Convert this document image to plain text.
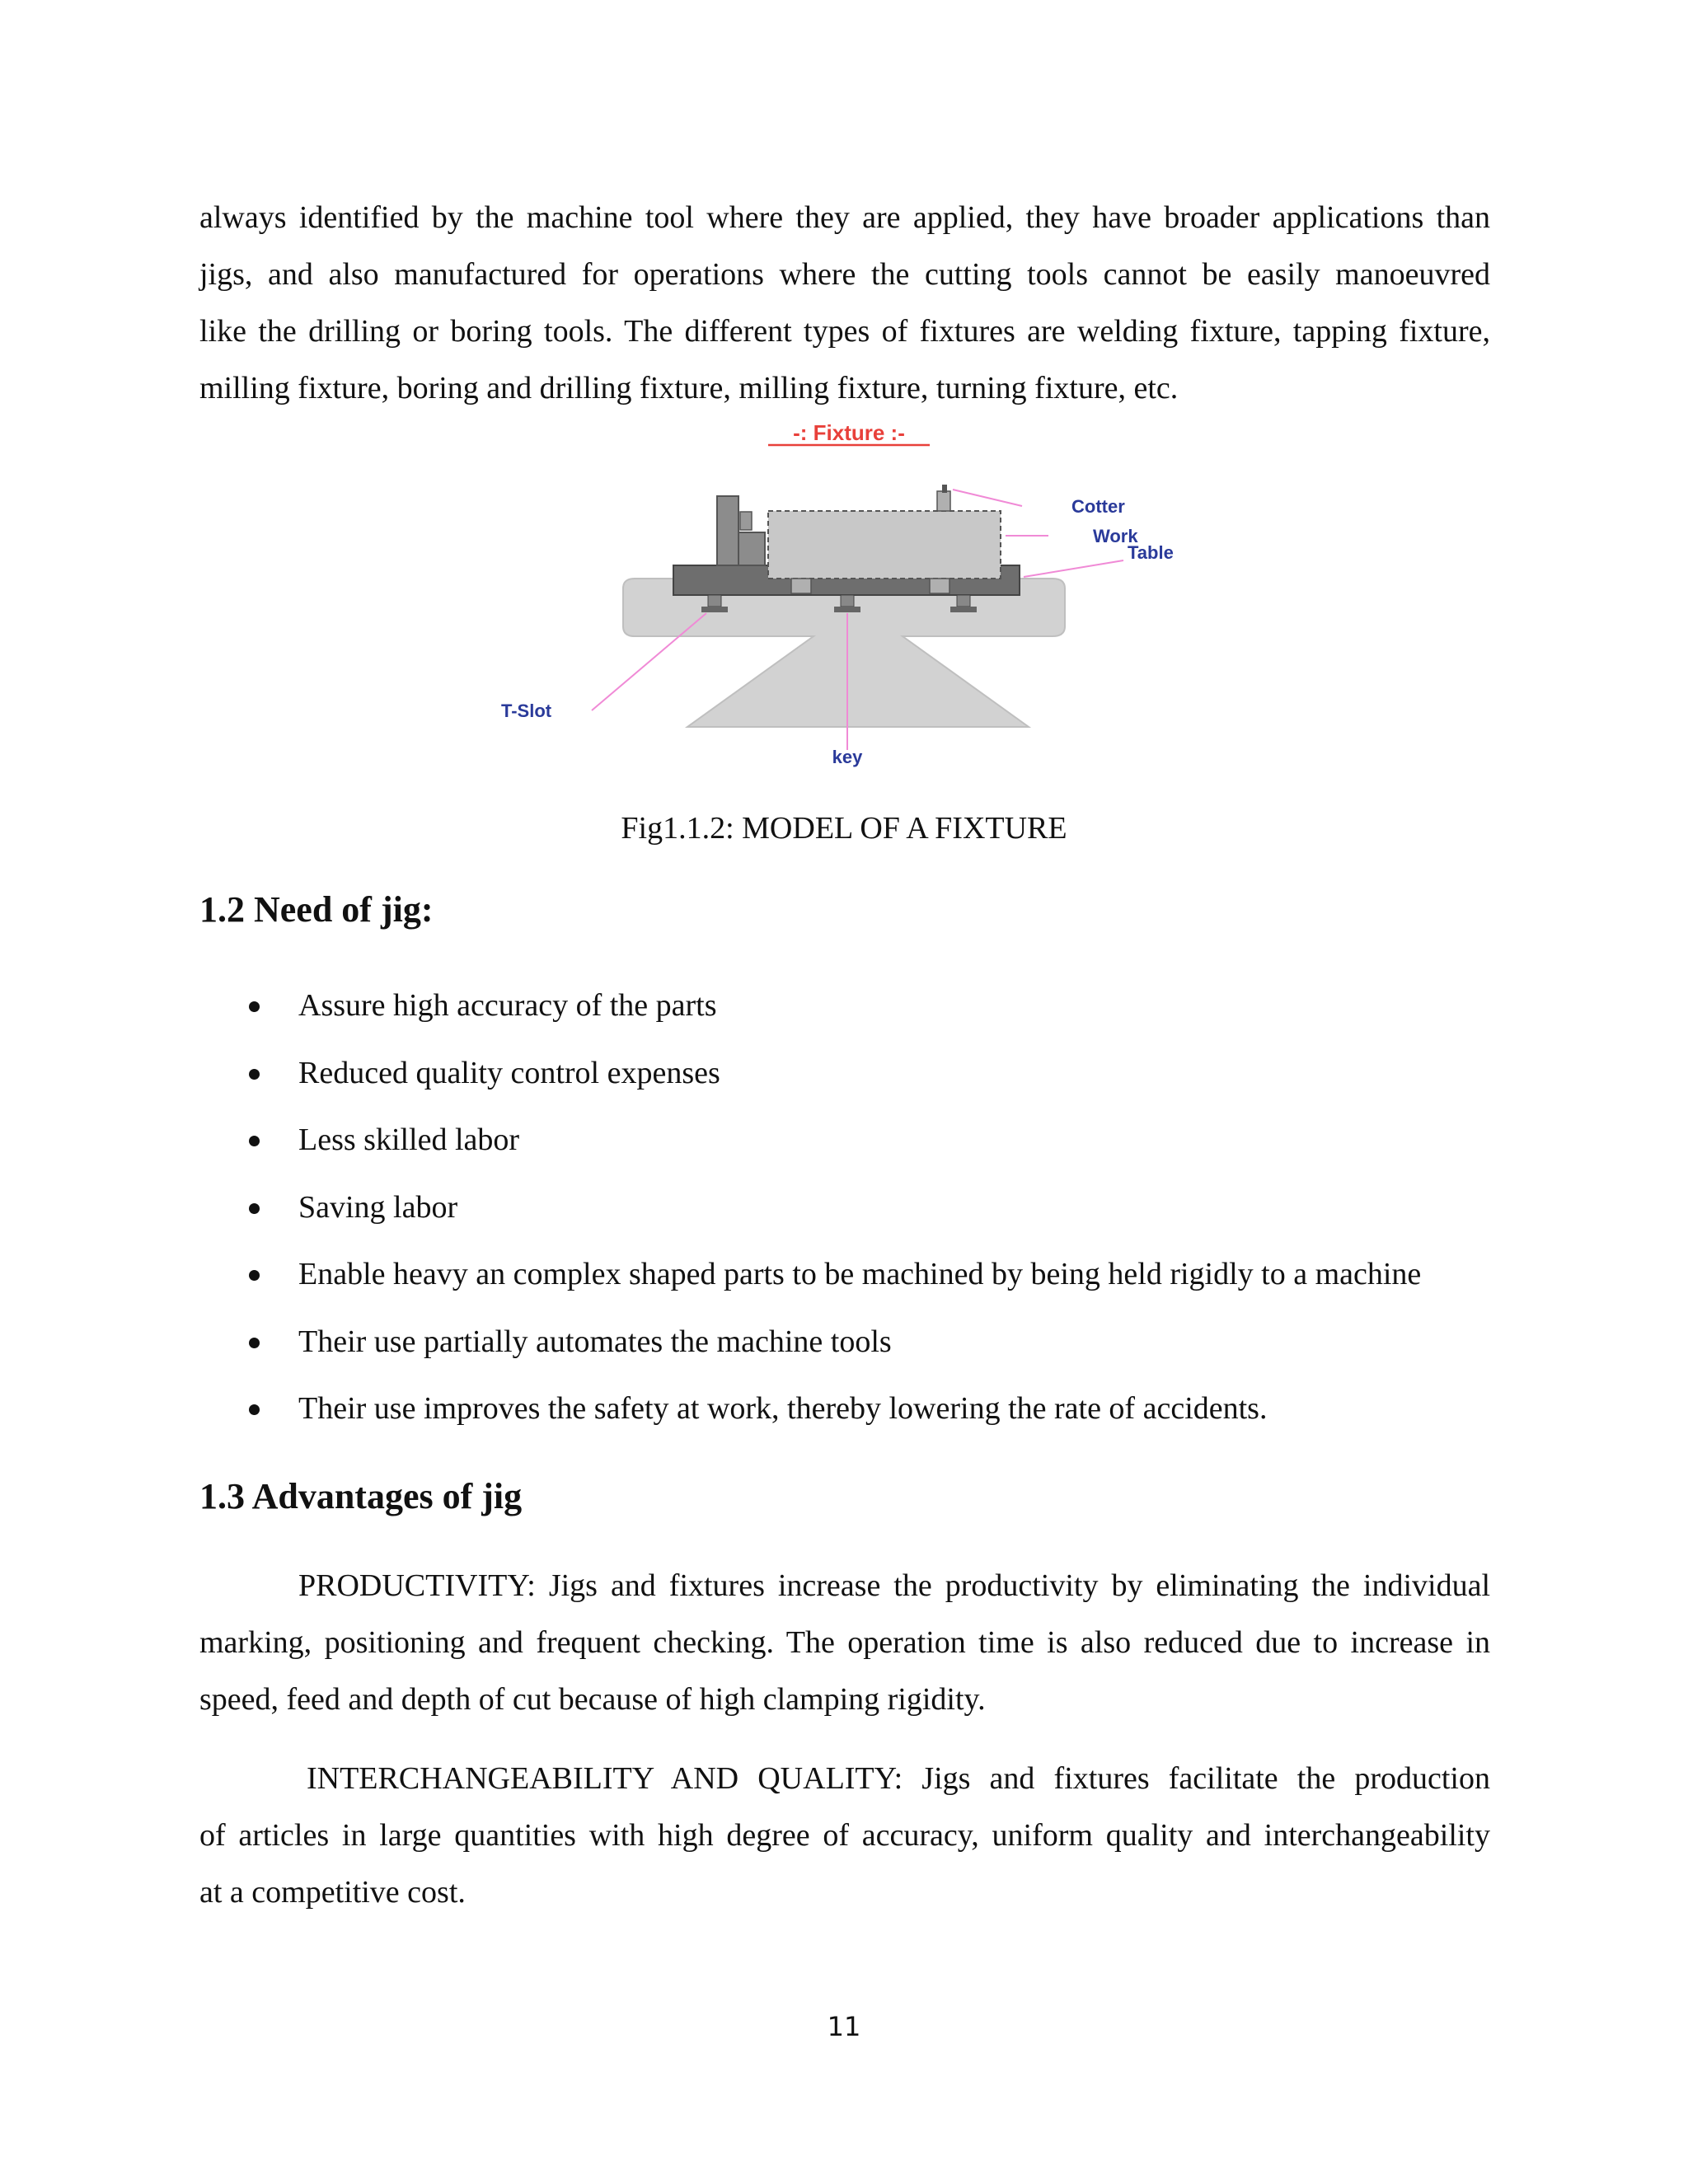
always identified by the machine tool where they are applied, they have broader applications than
jigs, and also manufactured for operations where the cutting tools cannot be easily manoeuvred
like the drilling or boring tools. The different types of fixtures are welding fixture, tapping fixture,
milling fixture, boring and drilling fixture, milling fixture, turning fixture, etc.

-: Fixture :-
Cotter
Work
Table
T-Slot
key
Fig1.1.2: MODEL OF A FIXTURE
1.2 Need of jig:
Assure high accuracy of the parts
Reduced quality control expenses
Less skilled labor
Saving labor
Enable heavy an complex shaped parts to be machined by being held rigidly to a machine
Their use partially automates the machine tools
Their use improves the safety at work, thereby lowering the rate of accidents.
1.3 Advantages of jig

PRODUCTIVITY: Jigs and fixtures increase the productivity by eliminating the individual
marking, positioning and frequent checking. The operation time is also reduced due to increase in
speed, feed and depth of cut because of high clamping rigidity.

INTERCHANGEABILITY AND QUALITY: Jigs and fixtures facilitate the production
of articles in large quantities with high degree of accuracy, uniform quality and interchangeability
at a competitive cost.

11
